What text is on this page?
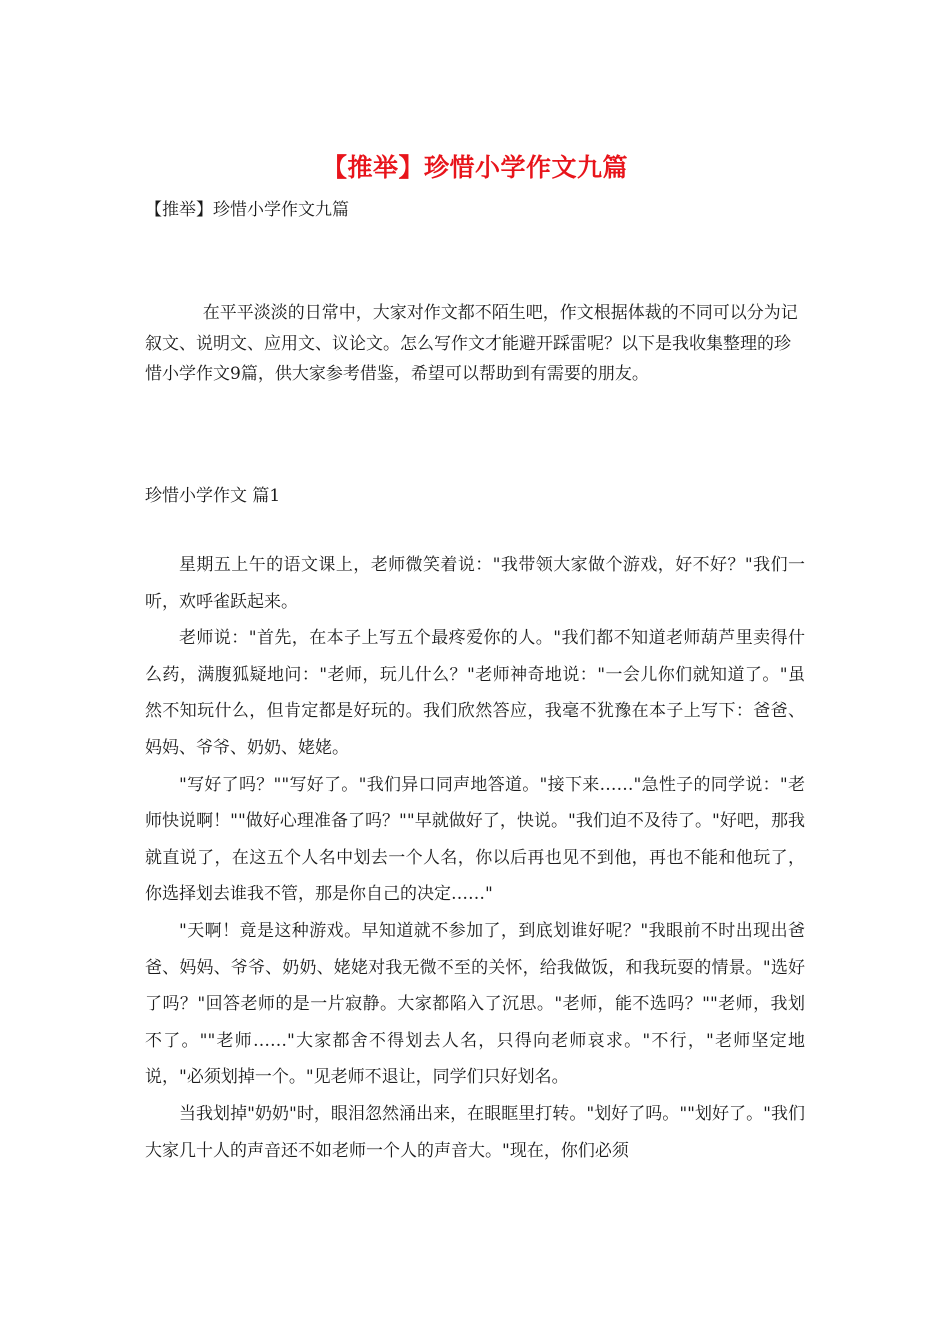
【推举】珍惜小学作文九篇

【推举】珍惜小学作文九篇

在平平淡淡的日常中，大家对作文都不陌生吧，作文根据体裁的不同可以分为记叙文、说明文、应用文、议论文。怎么写作文才能避开踩雷呢？以下是我收集整理的珍惜小学作文9篇，供大家参考借鉴，希望可以帮助到有需要的朋友。

珍惜小学作文 篇1

星期五上午的语文课上，老师微笑着说："我带领大家做个游戏，好不好？"我们一听，欢呼雀跃起来。

老师说："首先，在本子上写五个最疼爱你的人。"我们都不知道老师葫芦里卖得什么药，满腹狐疑地问："老师，玩儿什么？"老师神奇地说："一会儿你们就知道了。"虽然不知玩什么，但肯定都是好玩的。我们欣然答应，我毫不犹豫在本子上写下：爸爸、妈妈、爷爷、奶奶、姥姥。

"写好了吗？""写好了。"我们异口同声地答道。"接下来……"急性子的同学说："老师快说啊！""做好心理准备了吗？""早就做好了，快说。"我们迫不及待了。"好吧，那我就直说了，在这五个人名中划去一个人名，你以后再也见不到他，再也不能和他玩了，你选择划去谁我不管，那是你自己的决定……"

"天啊！竟是这种游戏。早知道就不参加了，到底划谁好呢？"我眼前不时出现出爸爸、妈妈、爷爷、奶奶、姥姥对我无微不至的关怀，给我做饭，和我玩耍的情景。"选好了吗？"回答老师的是一片寂静。大家都陷入了沉思。"老师，能不选吗？""老师，我划不了。""老师……"大家都舍不得划去人名，只得向老师哀求。"不行，"老师坚定地说，"必须划掉一个。"见老师不退让，同学们只好划名。

当我划掉"奶奶"时，眼泪忽然涌出来，在眼眶里打转。"划好了吗。""划好了。"我们大家几十人的声音还不如老师一个人的声音大。"现在，你们必须
